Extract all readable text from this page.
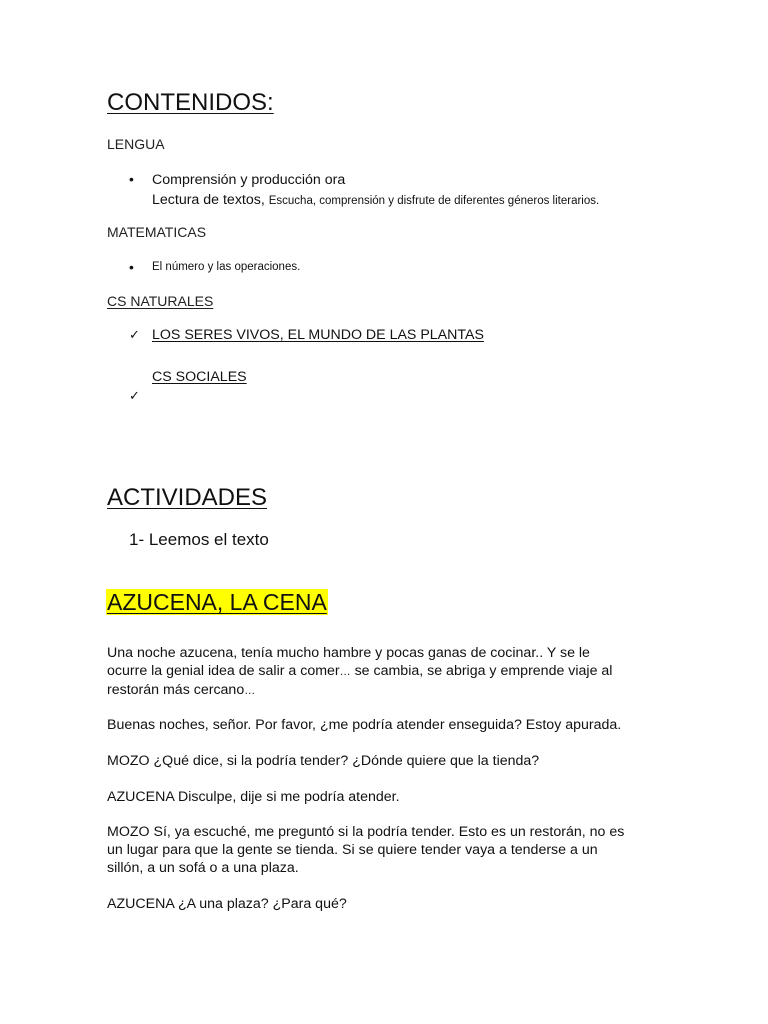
CONTENIDOS:
LENGUA
• Comprensión y producción ora
Lectura de textos, Escucha, comprensión y disfrute de diferentes géneros literarios.
MATEMATICAS
• El número y las operaciones.
CS NATURALES
✓ LOS SERES VIVOS, EL MUNDO DE LAS PLANTAS
CS SOCIALES
✓
ACTIVIDADES
1- Leemos el texto
AZUCENA, LA CENA
Una noche azucena, tenía mucho hambre y pocas ganas de cocinar.. Y se le
ocurre la genial idea de salir a comer… se cambia, se abriga y emprende viaje al
restorán más cercano…
Buenas noches, señor. Por favor, ¿me podría atender enseguida? Estoy apurada.
MOZO ¿Qué dice, si la podría tender? ¿Dónde quiere que la tienda?
AZUCENA Disculpe, dije si me podría atender.
MOZO Sí, ya escuché, me preguntó si la podría tender. Esto es un restorán, no es
un lugar para que la gente se tienda. Si se quiere tender vaya a tenderse a un
sillón, a un sofá o a una plaza.
AZUCENA ¿A una plaza? ¿Para qué?
